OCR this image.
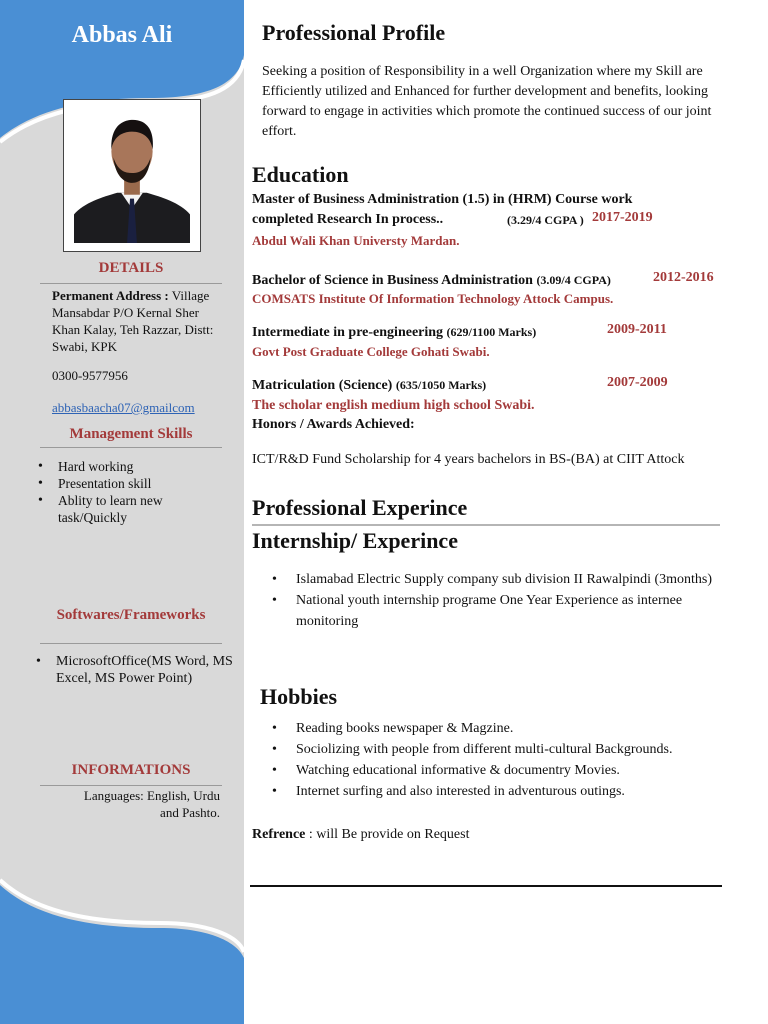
Abbas Ali
DETAILS
Permanent Address : Village Mansabdar P/O Kernal Sher Khan Kalay, Teh Razzar, Distt: Swabi, KPK
0300-9577956
abbasbaacha07@gmailcom
Management Skills
• Hard working
• Presentation skill
• Ablity to learn new task/Quickly
Softwares/Frameworks
• MicrosoftOffice(MS Word, MS Excel, MS Power Point)
INFORMATIONS
Languages: English, Urdu and Pashto.
Professional Profile
Seeking a position of Responsibility in a well Organization where my Skill are Efficiently utilized and Enhanced for further development and benefits, looking forward to engage in activities which promote the continued success of our joint effort.
Education
Master of Business Administration (1.5) in (HRM) Course work
completed Research In process..	(3.29/4 CGPA ) 2017-2019
Abdul Wali Khan Universty Mardan.
Bachelor of Science in Business Administration (3.09/4 CGPA)	2012-2016
COMSATS Institute Of Information Technology Attock Campus.
Intermediate in pre-engineering (629/1100 Marks)	2009-2011
Govt Post Graduate College Gohati Swabi.
Matriculation (Science) (635/1050 Marks)	2007-2009
The scholar english medium high school Swabi.
Honors / Awards Achieved:
ICT/R&D Fund Scholarship for 4 years bachelors in BS-(BA) at CIIT Attock
Professional Experince
Internship/ Experince
• Islamabad Electric Supply company sub division II Rawalpindi (3months)
• National youth internship programe One Year Experience as internee monitoring
Hobbies
• Reading books newspaper & Magzine.
• Sociolizing with people from different multi-cultural Backgrounds.
• Watching educational informative & documentry Movies.
• Internet surfing and also interested in adventurous outings.
Refrence : will Be provide on Request
